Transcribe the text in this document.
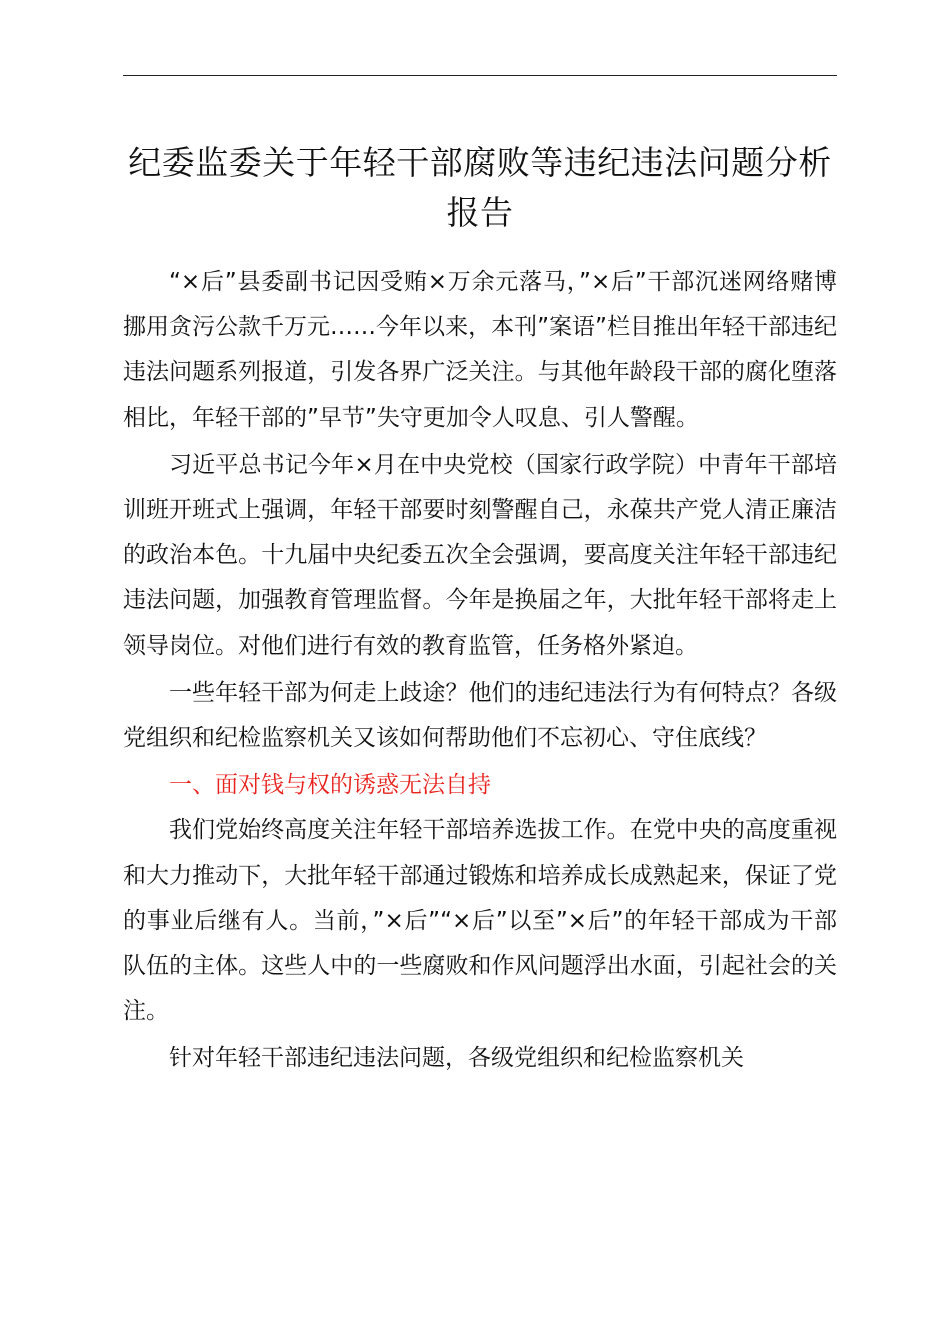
纪委监委关于年轻干部腐败等违纪违法问题分析报告

“×后”县委副书记因受贿×万余元落马，”×后”干部沉迷网络赌博挪用贪污公款千万元……今年以来，本刊”案语”栏目推出年轻干部违纪违法问题系列报道，引发各界广泛关注。与其他年龄段干部的腐化堕落相比，年轻干部的”早节”失守更加令人叹息、引人警醒。

习近平总书记今年×月在中央党校（国家行政学院）中青年干部培训班开班式上强调，年轻干部要时刻警醒自己，永葆共产党人清正廉洁的政治本色。十九届中央纪委五次全会强调，要高度关注年轻干部违纪违法问题，加强教育管理监督。今年是换届之年，大批年轻干部将走上领导岗位。对他们进行有效的教育监管，任务格外紧迫。

一些年轻干部为何走上歧途？他们的违纪违法行为有何特点？各级党组织和纪检监察机关又该如何帮助他们不忘初心、守住底线？

一、面对钱与权的诱惑无法自持

我们党始终高度关注年轻干部培养选拔工作。在党中央的高度重视和大力推动下，大批年轻干部通过锻炼和培养成长成熟起来，保证了党的事业后继有人。当前，”×后”“×后”以至”×后”的年轻干部成为干部队伍的主体。这些人中的一些腐败和作风问题浮出水面，引起社会的关注。

针对年轻干部违纪违法问题，各级党组织和纪检监察机关
